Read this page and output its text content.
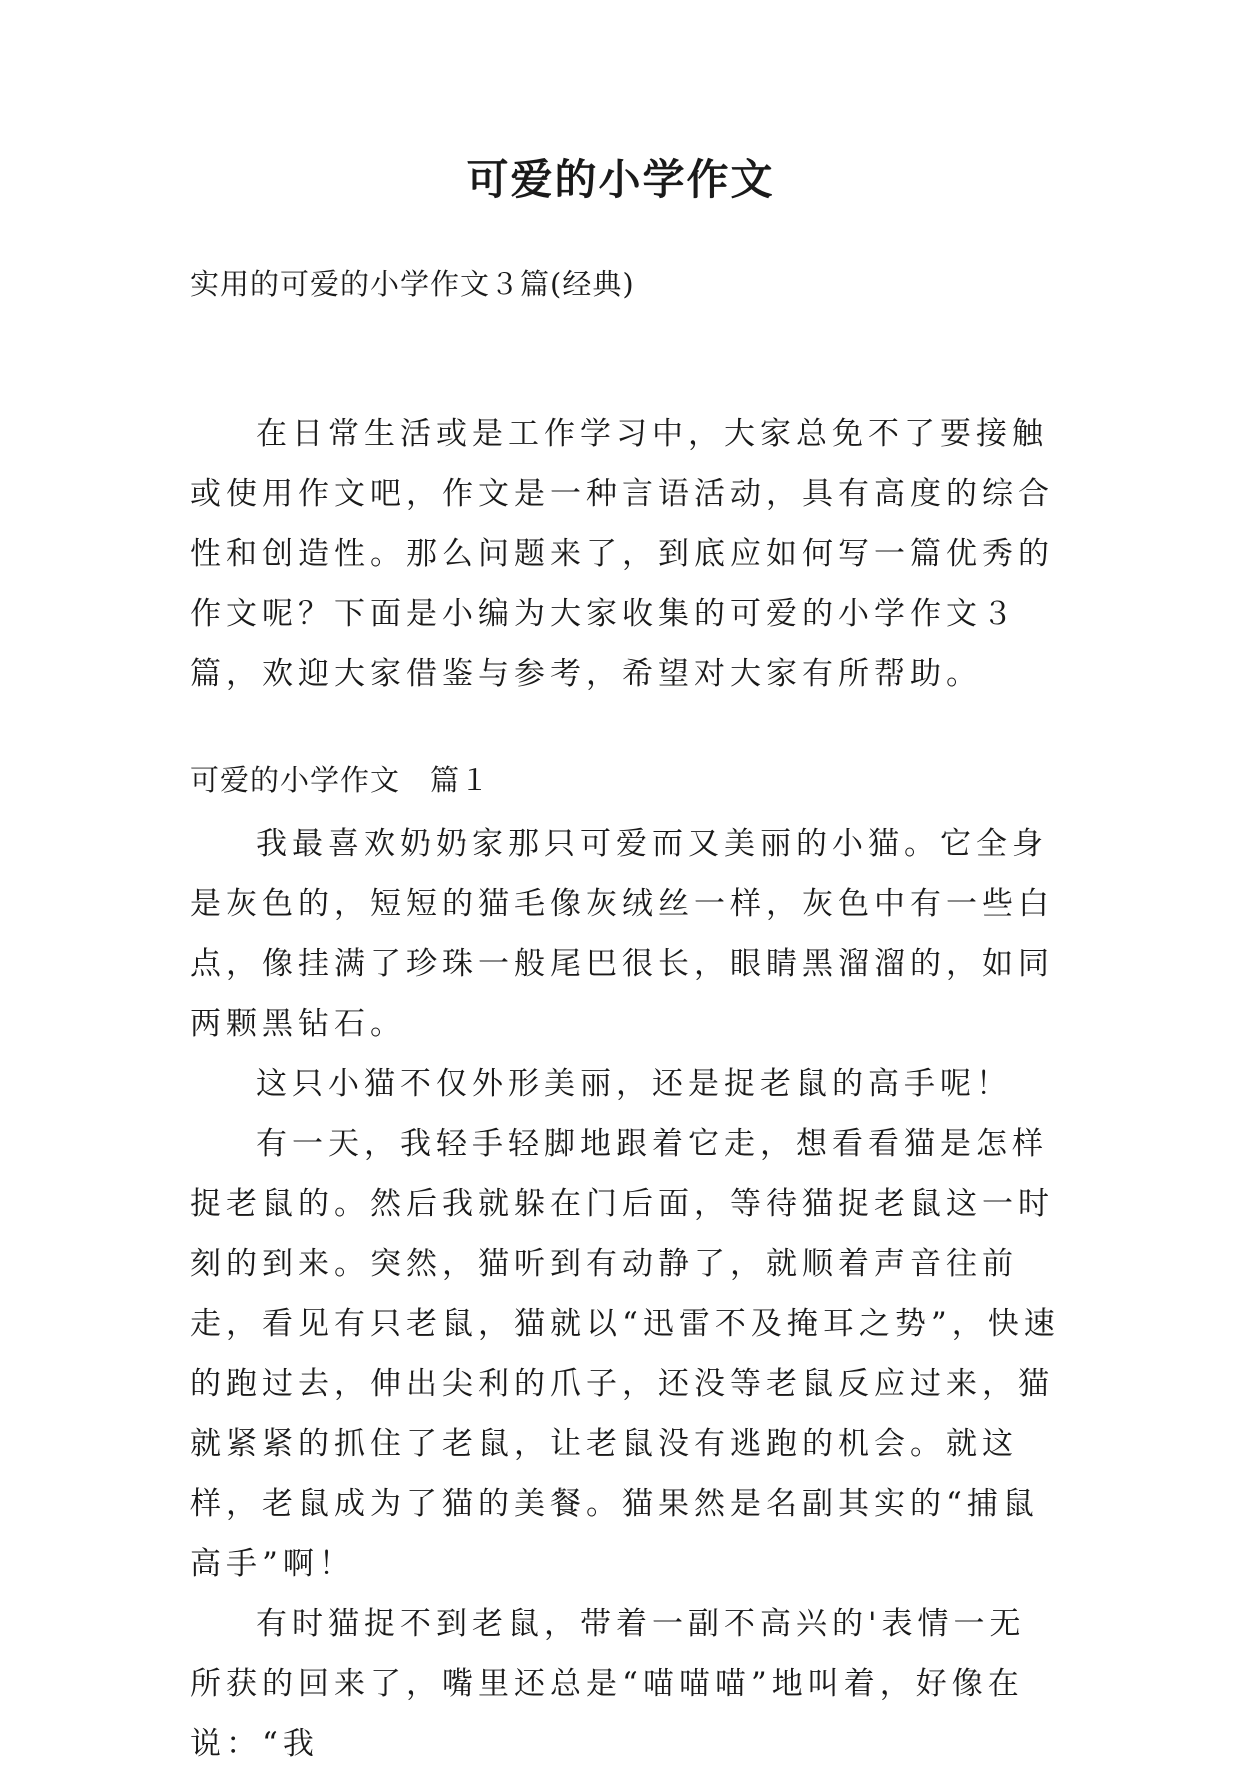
可爱的小学作文
实用的可爱的小学作文３篇(经典)

在日常生活或是工作学习中，大家总免不了要接触或使用作文吧，作文是一种言语活动，具有高度的综合性和创造性。那么问题来了，到底应如何写一篇优秀的作文呢？下面是小编为大家收集的可爱的小学作文３篇，欢迎大家借鉴与参考，希望对大家有所帮助。

可爱的小学作文　篇１

我最喜欢奶奶家那只可爱而又美丽的小猫。它全身是灰色的，短短的猫毛像灰绒丝一样，灰色中有一些白点，像挂满了珍珠一般尾巴很长，眼睛黑溜溜的，如同两颗黑钻石。

这只小猫不仅外形美丽，还是捉老鼠的高手呢！

有一天，我轻手轻脚地跟着它走，想看看猫是怎样捉老鼠的。然后我就躲在门后面，等待猫捉老鼠这一时刻的到来。突然，猫听到有动静了，就顺着声音往前走，看见有只老鼠，猫就以“迅雷不及掩耳之势”，快速的跑过去，伸出尖利的爪子，还没等老鼠反应过来，猫就紧紧的抓住了老鼠，让老鼠没有逃跑的机会。就这样，老鼠成为了猫的美餐。猫果然是名副其实的“捕鼠高手”啊！

有时猫捉不到老鼠，带着一副不高兴的'表情一无所获的回来了，嘴里还总是“喵喵喵”地叫着，好像在说：“我
